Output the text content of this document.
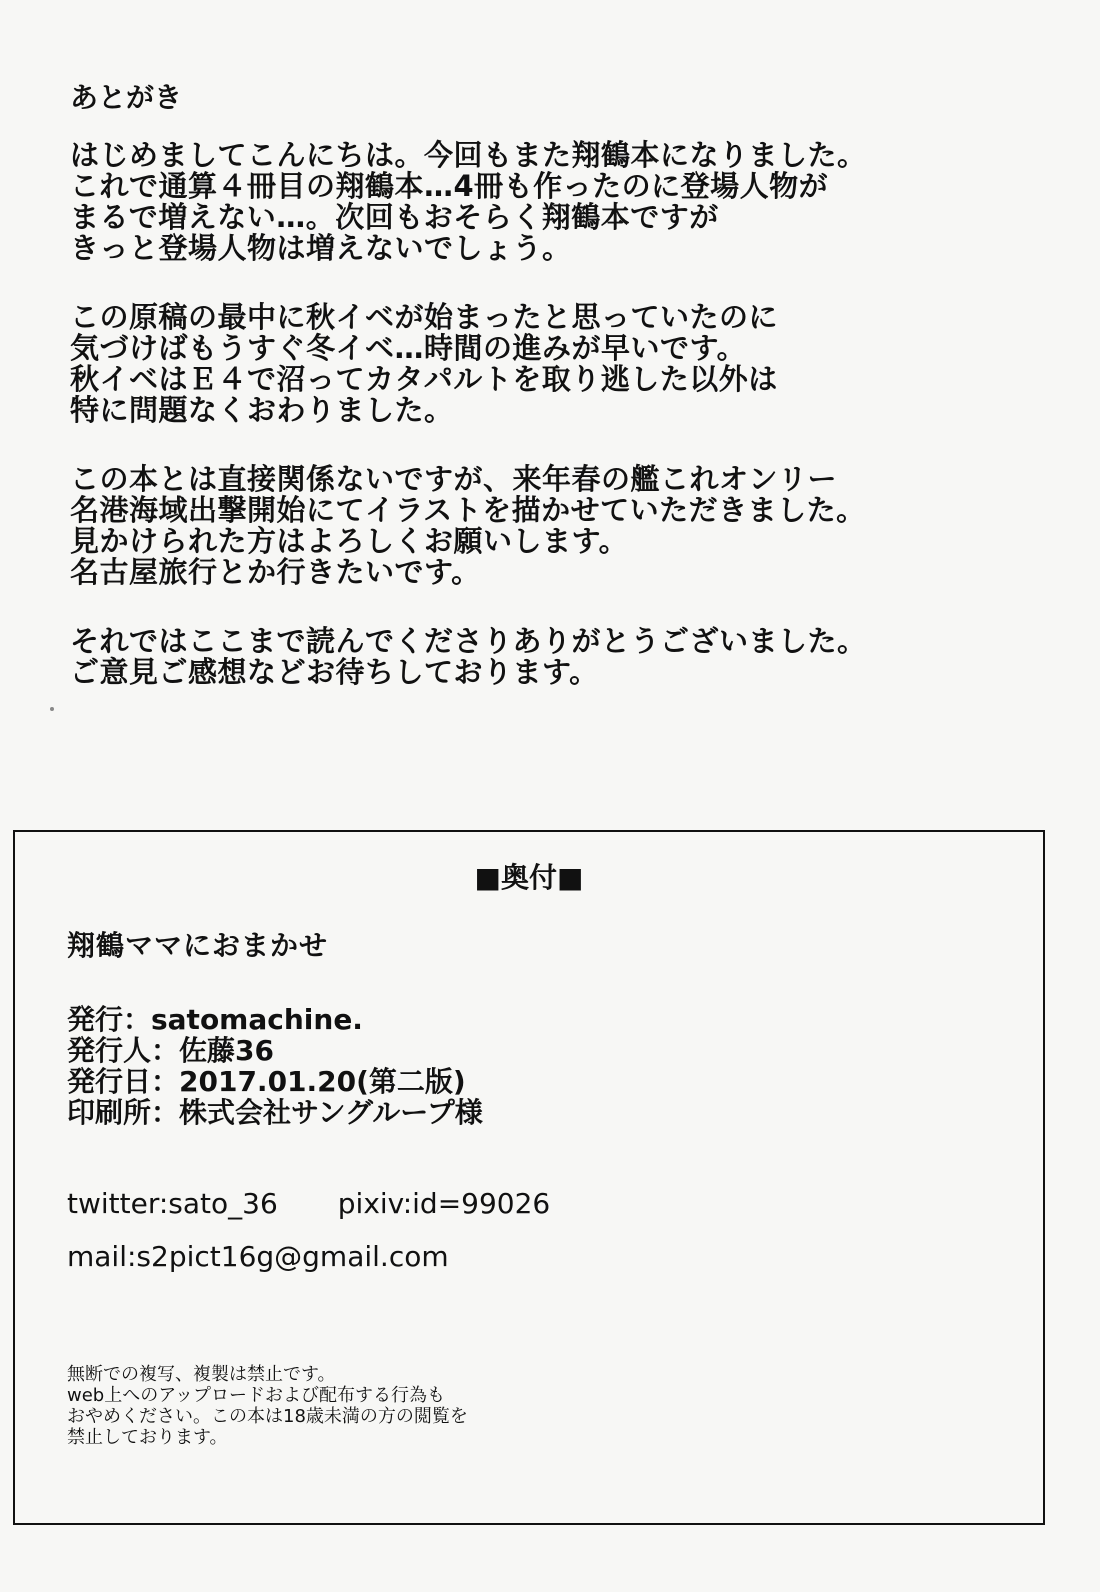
あとがき
はじめましてこんにちは。今回もまた翔鶴本になりました。
これで通算４冊目の翔鶴本…4冊も作ったのに登場人物が
まるで増えない…。次回もおそらく翔鶴本ですが
きっと登場人物は増えないでしょう。
この原稿の最中に秋イベが始まったと思っていたのに
気づけばもうすぐ冬イベ…時間の進みが早いです。
秋イベはＥ４で沼ってカタパルトを取り逃した以外は
特に問題なくおわりました。
この本とは直接関係ないですが、来年春の艦これオンリー
名港海域出撃開始にてイラストを描かせていただきました。
見かけられた方はよろしくお願いします。
名古屋旅行とか行きたいです。
それではここまで読んでくださりありがとうございました。
ご意見ご感想などお待ちしております。
■奥付■
翔鶴ママにおまかせ
発行：satomachine.
発行人：佐藤36
発行日：2017.01.20(第二版)
印刷所：株式会社サングループ様
twitter:sato_36 pixiv:id=99026
mail:s2pict16g@gmail.com
無断での複写、複製は禁止です。
web上へのアップロードおよび配布する行為も
おやめください。この本は18歳未満の方の閲覧を
禁止しております。
